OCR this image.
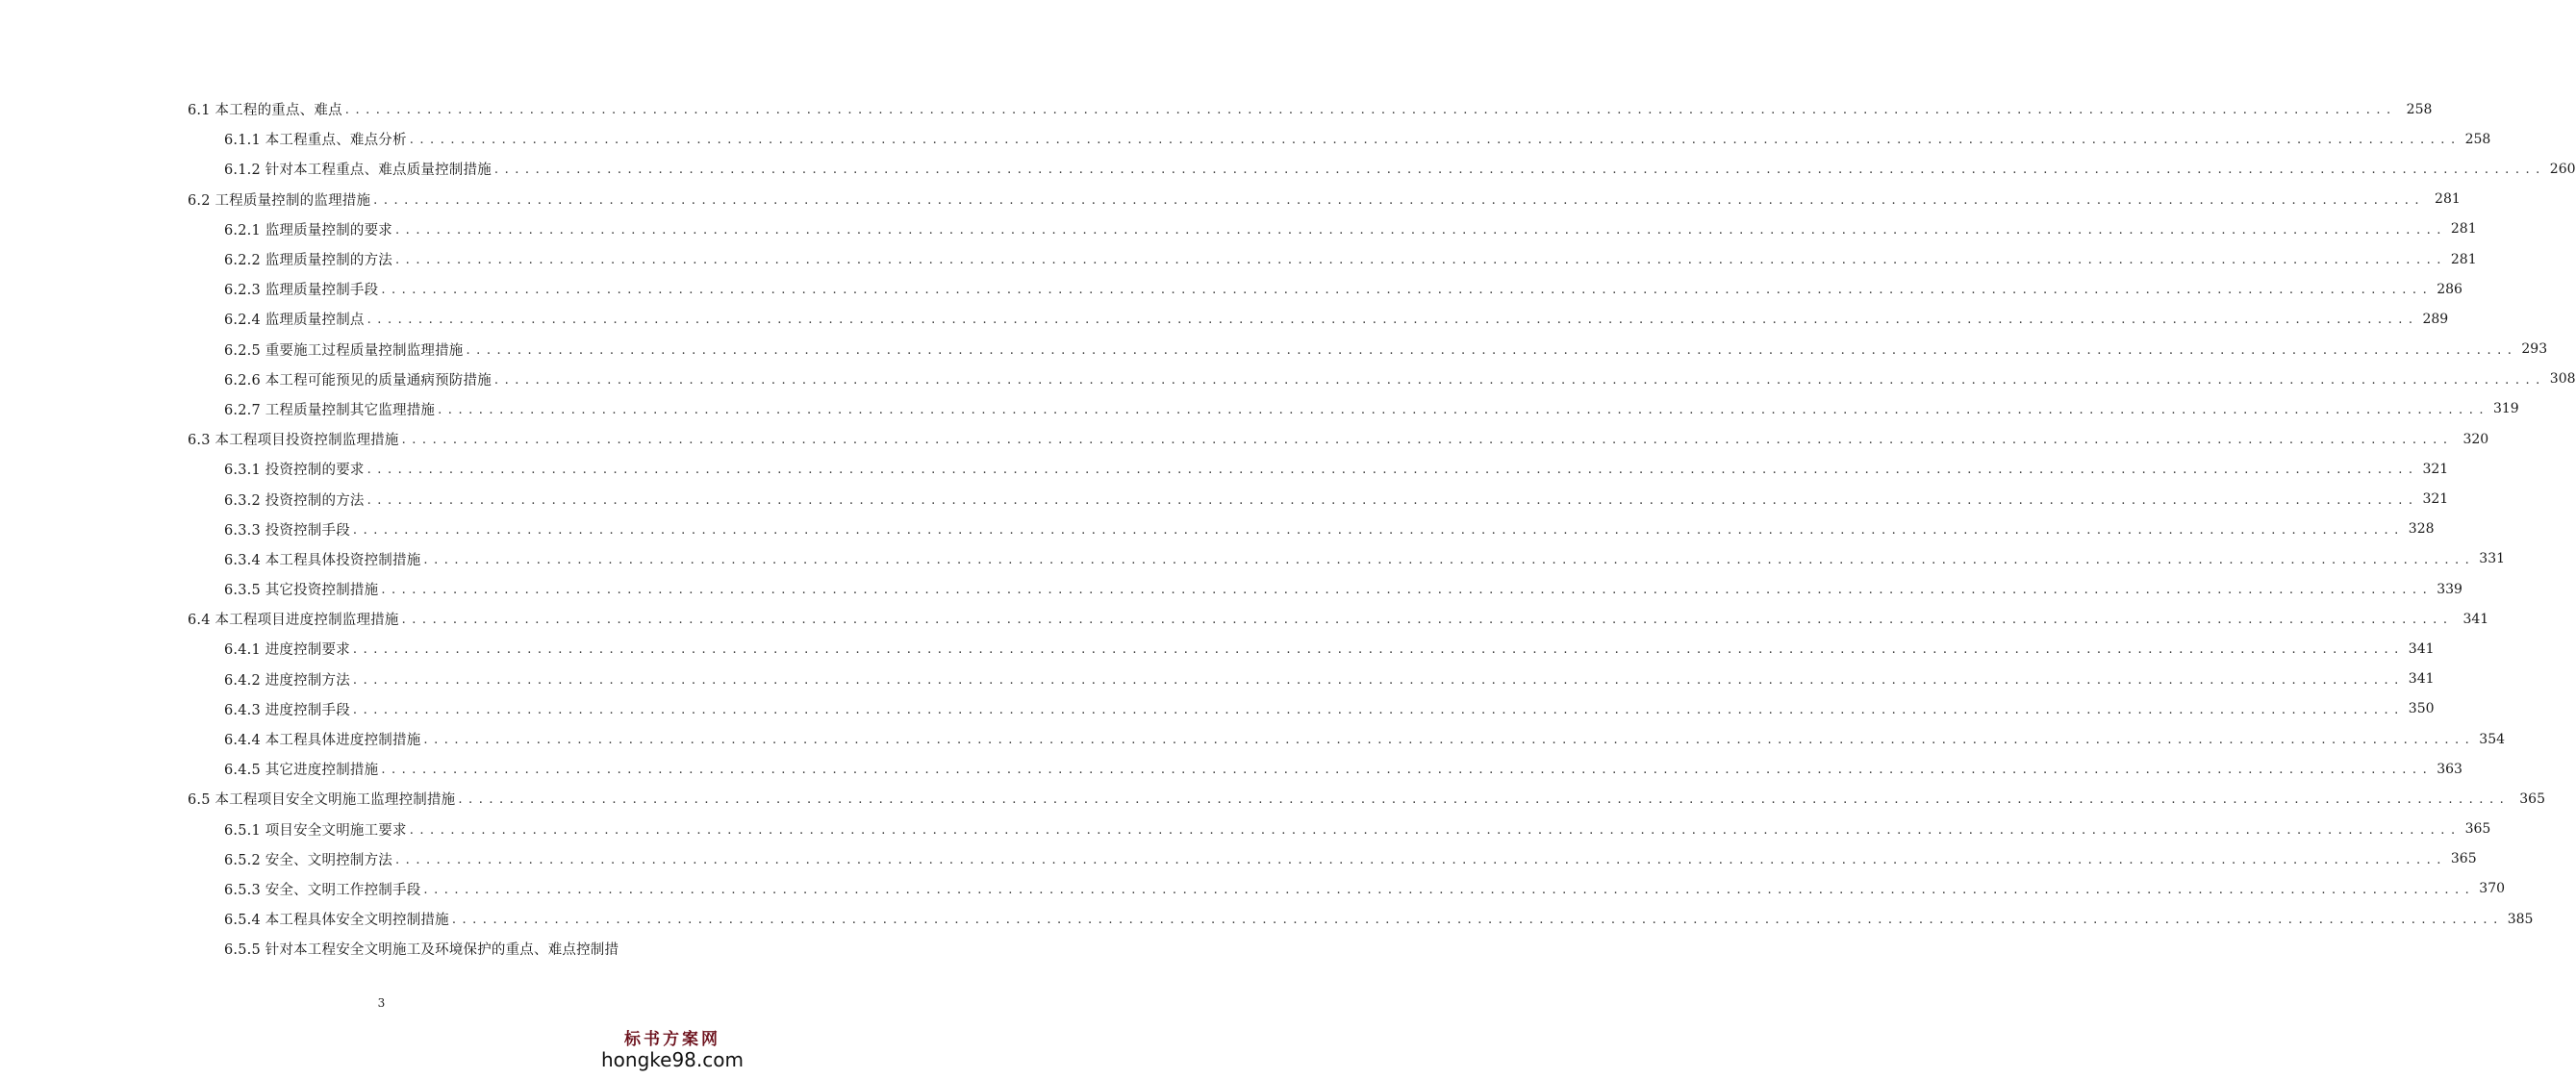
6.1 本工程的重点、难点 . . . . . . . . . . . . . . . . . . . . . . . . . . . . . . . . . . . . . . . . . . . . . . . . . . . . . . . . . . . . . . . . . . . . . . . . . . . . . . . . . . . . . . . . . . . . . . . . . . . . . . . . . . . . . . . . . . . . . . . . . . . . . . . . . . . . . . . . . . . . . . . . . . . . . . . . . . . . . . . . . . . . . . . . . . . . . . . . . . . . . . . . . . . . . . . . . . . . . . . .	258
6.1.1 本工程重点、难点分析 . . . . . . . . . . . . . . . . . . . . . . . . . . . . . . . . . . . . . . . . . . . . . . . . . . . . . . . . . . . . . . . . . . . . . . . . . . . . . . . . . . . . . . . . . . . . . . . . . . . . . . . . . . . . . . . . . . . . . . . . . . . . . . . . . . . . . . . . . . . . . . . . . . . . . . . . . . . . . . . . . . . . . . . . . . . . . . . . . . . . . . . . . . . . . . . . . . . . . . . . 258
6.1.2 针对本工程重点、难点质量控制措施 . . . . . . . . . . . . . . . . . . . . . . . . . . . . . . . . . . . . . . . . . . . . . . . . . . . . . . . . . . . . . . . . . . . . . . . . . . . . . . . . . . . . . . . . . . . . . . . . . . . . . . . . . . . . . . . . . . . . . . . . . . . . . . . . . . . . . . . . . . . . . . . . . . . . . . . . . . . . . . . . . . . . . . . . . . . . . . . . . . . . . . . . . . . . . . . . . . . . . . . . 260
6.2 工程质量控制的监理措施 . . . . . . . . . . . . . . . . . . . . . . . . . . . . . . . . . . . . . . . . . . . . . . . . . . . . . . . . . . . . . . . . . . . . . . . . . . . . . . . . . . . . . . . . . . . . . . . . . . . . . . . . . . . . . . . . . . . . . . . . . . . . . . . . . . . . . . . . . . . . . . . . . . . . . . . . . . . . . . . . . . . . . . . . . . . . . . . . . . . . . . . . . . . . . . . . . . . . . . . .	281
6.2.1 监理质量控制的要求 . . . . . . . . . . . . . . . . . . . . . . . . . . . . . . . . . . . . . . . . . . . . . . . . . . . . . . . . . . . . . . . . . . . . . . . . . . . . . . . . . . . . . . . . . . . . . . . . . . . . . . . . . . . . . . . . . . . . . . . . . . . . . . . . . . . . . . . . . . . . . . . . . . . . . . . . . . . . . . . . . . . . . . . . . . . . . . . . . . . . . . . . . . . . . . . . . . . . . . . . 281
6.2.2 监理质量控制的方法 . . . . . . . . . . . . . . . . . . . . . . . . . . . . . . . . . . . . . . . . . . . . . . . . . . . . . . . . . . . . . . . . . . . . . . . . . . . . . . . . . . . . . . . . . . . . . . . . . . . . . . . . . . . . . . . . . . . . . . . . . . . . . . . . . . . . . . . . . . . . . . . . . . . . . . . . . . . . . . . . . . . . . . . . . . . . . . . . . . . . . . . . . . . . . . . . . . . . . . . . 281
6.2.3 监理质量控制手段 . . . . . . . . . . . . . . . . . . . . . . . . . . . . . . . . . . . . . . . . . . . . . . . . . . . . . . . . . . . . . . . . . . . . . . . . . . . . . . . . . . . . . . . . . . . . . . . . . . . . . . . . . . . . . . . . . . . . . . . . . . . . . . . . . . . . . . . . . . . . . . . . . . . . . . . . . . . . . . . . . . . . . . . . . . . . . . . . . . . . . . . . . . . . . . . . . . . . . . . . 286
6.2.4 监理质量控制点 . . . . . . . . . . . . . . . . . . . . . . . . . . . . . . . . . . . . . . . . . . . . . . . . . . . . . . . . . . . . . . . . . . . . . . . . . . . . . . . . . . . . . . . . . . . . . . . . . . . . . . . . . . . . . . . . . . . . . . . . . . . . . . . . . . . . . . . . . . . . . . . . . . . . . . . . . . . . . . . . . . . . . . . . . . . . . . . . . . . . . . . . . . . . . . . . . . . . . . . . 289
6.2.5 重要施工过程质量控制监理措施 . . . . . . . . . . . . . . . . . . . . . . . . . . . . . . . . . . . . . . . . . . . . . . . . . . . . . . . . . . . . . . . . . . . . . . . . . . . . . . . . . . . . . . . . . . . . . . . . . . . . . . . . . . . . . . . . . . . . . . . . . . . . . . . . . . . . . . . . . . . . . . . . . . . . . . . . . . . . . . . . . . . . . . . . . . . . . . . . . . . . . . . . . . . . . . . . . . . . . . . . 293
6.2.6 本工程可能预见的质量通病预防措施 . . . . . . . . . . . . . . . . . . . . . . . . . . . . . . . . . . . . . . . . . . . . . . . . . . . . . . . . . . . . . . . . . . . . . . . . . . . . . . . . . . . . . . . . . . . . . . . . . . . . . . . . . . . . . . . . . . . . . . . . . . . . . . . . . . . . . . . . . . . . . . . . . . . . . . . . . . . . . . . . . . . . . . . . . . . . . . . . . . . . . . . . . . . . . . . . . . . . . . . . 308
6.2.7 工程质量控制其它监理措施 . . . . . . . . . . . . . . . . . . . . . . . . . . . . . . . . . . . . . . . . . . . . . . . . . . . . . . . . . . . . . . . . . . . . . . . . . . . . . . . . . . . . . . . . . . . . . . . . . . . . . . . . . . . . . . . . . . . . . . . . . . . . . . . . . . . . . . . . . . . . . . . . . . . . . . . . . . . . . . . . . . . . . . . . . . . . . . . . . . . . . . . . . . . . . . . . . . . . . . . . 319
6.3 本工程项目投资控制监理措施 . . . . . . . . . . . . . . . . . . . . . . . . . . . . . . . . . . . . . . . . . . . . . . . . . . . . . . . . . . . . . . . . . . . . . . . . . . . . . . . . . . . . . . . . . . . . . . . . . . . . . . . . . . . . . . . . . . . . . . . . . . . . . . . . . . . . . . . . . . . . . . . . . . . . . . . . . . . . . . . . . . . . . . . . . . . . . . . . . . . . . . . . . . . . . . . . . . . . . . . .	320
6.3.1 投资控制的要求 . . . . . . . . . . . . . . . . . . . . . . . . . . . . . . . . . . . . . . . . . . . . . . . . . . . . . . . . . . . . . . . . . . . . . . . . . . . . . . . . . . . . . . . . . . . . . . . . . . . . . . . . . . . . . . . . . . . . . . . . . . . . . . . . . . . . . . . . . . . . . . . . . . . . . . . . . . . . . . . . . . . . . . . . . . . . . . . . . . . . . . . . . . . . . . . . . . . . . . . . 321
6.3.2 投资控制的方法 . . . . . . . . . . . . . . . . . . . . . . . . . . . . . . . . . . . . . . . . . . . . . . . . . . . . . . . . . . . . . . . . . . . . . . . . . . . . . . . . . . . . . . . . . . . . . . . . . . . . . . . . . . . . . . . . . . . . . . . . . . . . . . . . . . . . . . . . . . . . . . . . . . . . . . . . . . . . . . . . . . . . . . . . . . . . . . . . . . . . . . . . . . . . . . . . . . . . . . . . 321
6.3.3 投资控制手段 . . . . . . . . . . . . . . . . . . . . . . . . . . . . . . . . . . . . . . . . . . . . . . . . . . . . . . . . . . . . . . . . . . . . . . . . . . . . . . . . . . . . . . . . . . . . . . . . . . . . . . . . . . . . . . . . . . . . . . . . . . . . . . . . . . . . . . . . . . . . . . . . . . . . . . . . . . . . . . . . . . . . . . . . . . . . . . . . . . . . . . . . . . . . . . . . . . . . . . . . 328
6.3.4 本工程具体投资控制措施 . . . . . . . . . . . . . . . . . . . . . . . . . . . . . . . . . . . . . . . . . . . . . . . . . . . . . . . . . . . . . . . . . . . . . . . . . . . . . . . . . . . . . . . . . . . . . . . . . . . . . . . . . . . . . . . . . . . . . . . . . . . . . . . . . . . . . . . . . . . . . . . . . . . . . . . . . . . . . . . . . . . . . . . . . . . . . . . . . . . . . . . . . . . . . . . . . . . . . . . . 331
6.3.5 其它投资控制措施 . . . . . . . . . . . . . . . . . . . . . . . . . . . . . . . . . . . . . . . . . . . . . . . . . . . . . . . . . . . . . . . . . . . . . . . . . . . . . . . . . . . . . . . . . . . . . . . . . . . . . . . . . . . . . . . . . . . . . . . . . . . . . . . . . . . . . . . . . . . . . . . . . . . . . . . . . . . . . . . . . . . . . . . . . . . . . . . . . . . . . . . . . . . . . . . . . . . . . . . . 339
6.4 本工程项目进度控制监理措施 . . . . . . . . . . . . . . . . . . . . . . . . . . . . . . . . . . . . . . . . . . . . . . . . . . . . . . . . . . . . . . . . . . . . . . . . . . . . . . . . . . . . . . . . . . . . . . . . . . . . . . . . . . . . . . . . . . . . . . . . . . . . . . . . . . . . . . . . . . . . . . . . . . . . . . . . . . . . . . . . . . . . . . . . . . . . . . . . . . . . . . . . . . . . . . . . . . . . . . . .	341
6.4.1 进度控制要求 . . . . . . . . . . . . . . . . . . . . . . . . . . . . . . . . . . . . . . . . . . . . . . . . . . . . . . . . . . . . . . . . . . . . . . . . . . . . . . . . . . . . . . . . . . . . . . . . . . . . . . . . . . . . . . . . . . . . . . . . . . . . . . . . . . . . . . . . . . . . . . . . . . . . . . . . . . . . . . . . . . . . . . . . . . . . . . . . . . . . . . . . . . . . . . . . . . . . . . . . 341
6.4.2 进度控制方法 . . . . . . . . . . . . . . . . . . . . . . . . . . . . . . . . . . . . . . . . . . . . . . . . . . . . . . . . . . . . . . . . . . . . . . . . . . . . . . . . . . . . . . . . . . . . . . . . . . . . . . . . . . . . . . . . . . . . . . . . . . . . . . . . . . . . . . . . . . . . . . . . . . . . . . . . . . . . . . . . . . . . . . . . . . . . . . . . . . . . . . . . . . . . . . . . . . . . . . . . 341
6.4.3 进度控制手段 . . . . . . . . . . . . . . . . . . . . . . . . . . . . . . . . . . . . . . . . . . . . . . . . . . . . . . . . . . . . . . . . . . . . . . . . . . . . . . . . . . . . . . . . . . . . . . . . . . . . . . . . . . . . . . . . . . . . . . . . . . . . . . . . . . . . . . . . . . . . . . . . . . . . . . . . . . . . . . . . . . . . . . . . . . . . . . . . . . . . . . . . . . . . . . . . . . . . . . . . 350
6.4.4 本工程具体进度控制措施 . . . . . . . . . . . . . . . . . . . . . . . . . . . . . . . . . . . . . . . . . . . . . . . . . . . . . . . . . . . . . . . . . . . . . . . . . . . . . . . . . . . . . . . . . . . . . . . . . . . . . . . . . . . . . . . . . . . . . . . . . . . . . . . . . . . . . . . . . . . . . . . . . . . . . . . . . . . . . . . . . . . . . . . . . . . . . . . . . . . . . . . . . . . . . . . . . . . . . . . . 354
6.4.5 其它进度控制措施 . . . . . . . . . . . . . . . . . . . . . . . . . . . . . . . . . . . . . . . . . . . . . . . . . . . . . . . . . . . . . . . . . . . . . . . . . . . . . . . . . . . . . . . . . . . . . . . . . . . . . . . . . . . . . . . . . . . . . . . . . . . . . . . . . . . . . . . . . . . . . . . . . . . . . . . . . . . . . . . . . . . . . . . . . . . . . . . . . . . . . . . . . . . . . . . . . . . . . . . . 363
6.5 本工程项目安全文明施工监理控制措施 . . . . . . . . . . . . . . . . . . . . . . . . . . . . . . . . . . . . . . . . . . . . . . . . . . . . . . . . . . . . . . . . . . . . . . . . . . . . . . . . . . . . . . . . . . . . . . . . . . . . . . . . . . . . . . . . . . . . . . . . . . . . . . . . . . . . . . . . . . . . . . . . . . . . . . . . . . . . . . . . . . . . . . . . . . . . . . . . . . . . . . . . . . . . . . . . . . . . . . . .	365
6.5.1 项目安全文明施工要求 . . . . . . . . . . . . . . . . . . . . . . . . . . . . . . . . . . . . . . . . . . . . . . . . . . . . . . . . . . . . . . . . . . . . . . . . . . . . . . . . . . . . . . . . . . . . . . . . . . . . . . . . . . . . . . . . . . . . . . . . . . . . . . . . . . . . . . . . . . . . . . . . . . . . . . . . . . . . . . . . . . . . . . . . . . . . . . . . . . . . . . . . . . . . . . . . . . . . . . . . 365
6.5.2 安全、文明控制方法 . . . . . . . . . . . . . . . . . . . . . . . . . . . . . . . . . . . . . . . . . . . . . . . . . . . . . . . . . . . . . . . . . . . . . . . . . . . . . . . . . . . . . . . . . . . . . . . . . . . . . . . . . . . . . . . . . . . . . . . . . . . . . . . . . . . . . . . . . . . . . . . . . . . . . . . . . . . . . . . . . . . . . . . . . . . . . . . . . . . . . . . . . . . . . . . . . . . . . . . . 365
6.5.3 安全、文明工作控制手段 . . . . . . . . . . . . . . . . . . . . . . . . . . . . . . . . . . . . . . . . . . . . . . . . . . . . . . . . . . . . . . . . . . . . . . . . . . . . . . . . . . . . . . . . . . . . . . . . . . . . . . . . . . . . . . . . . . . . . . . . . . . . . . . . . . . . . . . . . . . . . . . . . . . . . . . . . . . . . . . . . . . . . . . . . . . . . . . . . . . . . . . . . . . . . . . . . . . . . . . . 370
6.5.4 本工程具体安全文明控制措施 . . . . . . . . . . . . . . . . . . . . . . . . . . . . . . . . . . . . . . . . . . . . . . . . . . . . . . . . . . . . . . . . . . . . . . . . . . . . . . . . . . . . . . . . . . . . . . . . . . . . . . . . . . . . . . . . . . . . . . . . . . . . . . . . . . . . . . . . . . . . . . . . . . . . . . . . . . . . . . . . . . . . . . . . . . . . . . . . . . . . . . . . . . . . . . . . . . . . . . . . 385
6.5.5 针对本工程安全文明施工及环境保护的重点、难点控制措
3
标书方案网
hongke98.com
